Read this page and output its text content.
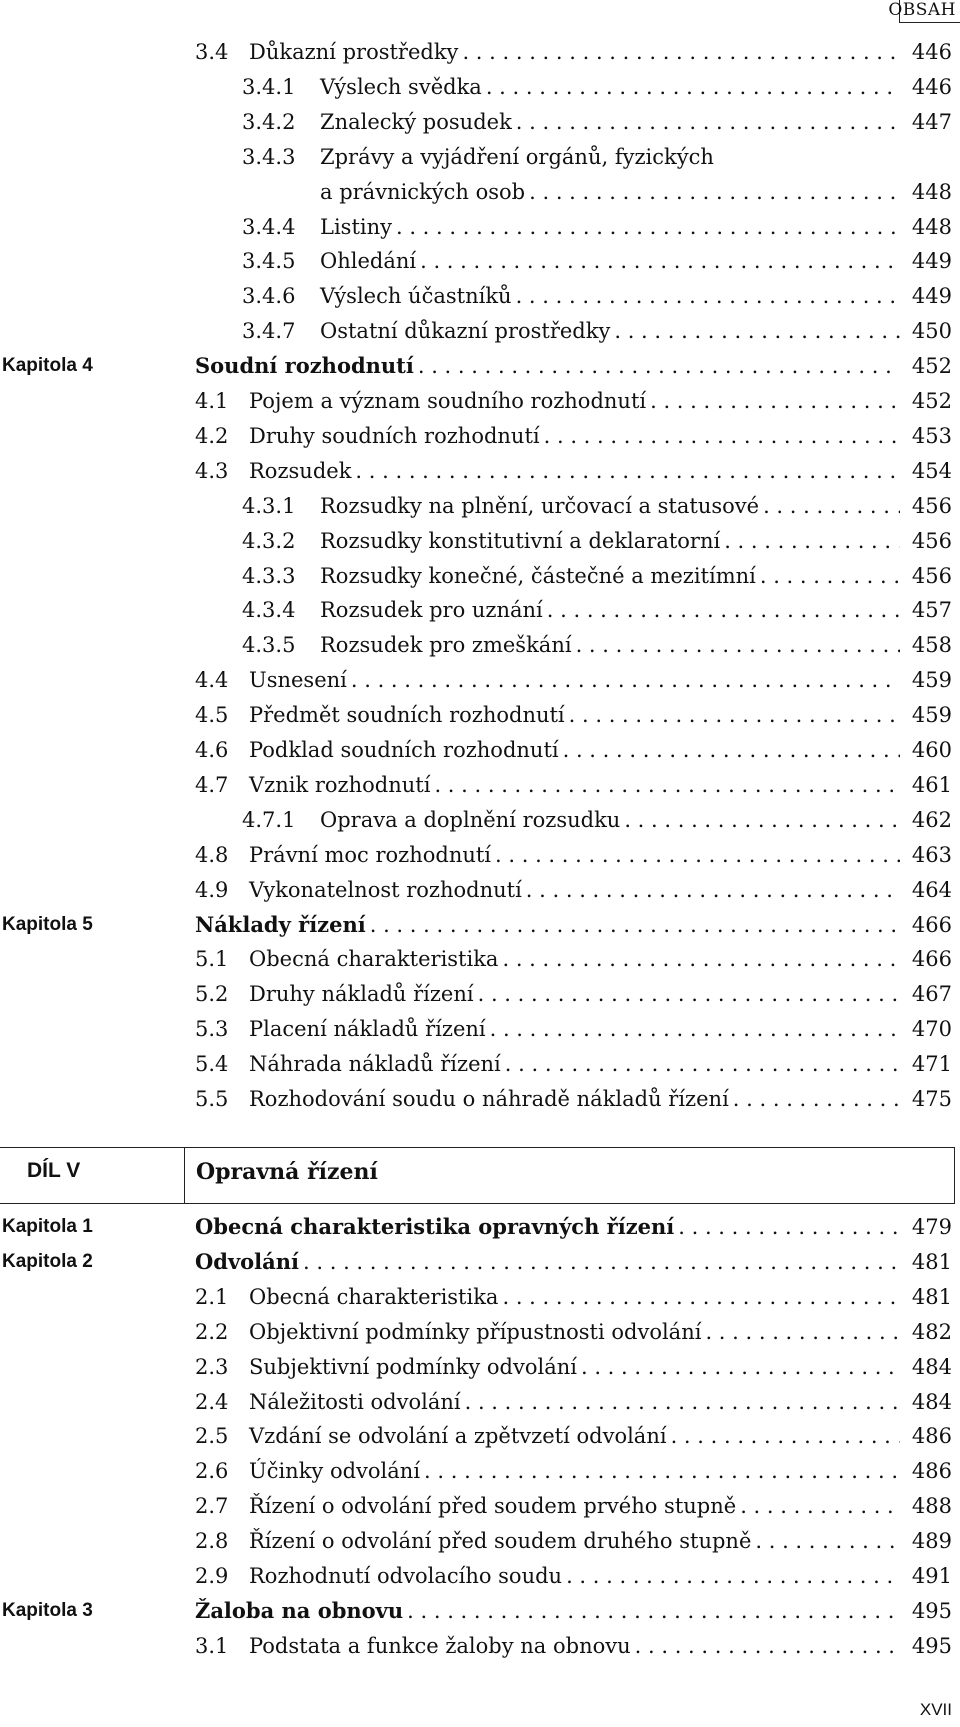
OBSAH
3.4 Důkazní prostředky . . .	446
3.4.1 Výslech svědka . . .	446
3.4.2 Znalecký posudek . . .	447
3.4.3 Zprávy a vyjádření orgánů, fyzických
a právnických osob . . .	448
3.4.4 Listiny . . .	448
3.4.5 Ohledání . . .	449
3.4.6 Výslech účastníků . . .	449
3.4.7 Ostatní důkazní prostředky . . .	450
Kapitola 4	Soudní rozhodnutí . . .	452
4.1 Pojem a význam soudního rozhodnutí . . .	452
4.2 Druhy soudních rozhodnutí . . .	453
4.3 Rozsudek . . .	454
4.3.1 Rozsudky na plnění, určovací a statusové . . .	456
4.3.2 Rozsudky konstitutivní a deklaratorní . . .	456
4.3.3 Rozsudky konečné, částečné a mezitímní . . .	456
4.3.4 Rozsudek pro uznání . . .	457
4.3.5 Rozsudek pro zmeškání . . .	458
4.4 Usnesení . . .	459
4.5 Předmět soudních rozhodnutí . . .	459
4.6 Podklad soudních rozhodnutí . . .	460
4.7 Vznik rozhodnutí . . .	461
4.7.1 Oprava a doplnění rozsudku . . .	462
4.8 Právní moc rozhodnutí . . .	463
4.9 Vykonatelnost rozhodnutí . . .	464
Kapitola 5	Náklady řízení . . .	466
5.1 Obecná charakteristika . . .	466
5.2 Druhy nákladů řízení . . .	467
5.3 Placení nákladů řízení . . .	470
5.4 Náhrada nákladů řízení . . .	471
5.5 Rozhodování soudu o náhradě nákladů řízení . . .	475
DÍL V	Opravná řízení
Kapitola 1	Obecná charakteristika opravných řízení . . .	479
Kapitola 2	Odvolání . . .	481
2.1 Obecná charakteristika . . .	481
2.2 Objektivní podmínky přípustnosti odvolání . . .	482
2.3 Subjektivní podmínky odvolání . . .	484
2.4 Náležitosti odvolání . . .	484
2.5 Vzdání se odvolání a zpětvzetí odvolání . . .	486
2.6 Účinky odvolání . . .	486
2.7 Řízení o odvolání před soudem prvého stupně . . .	488
2.8 Řízení o odvolání před soudem druhého stupně . . .	489
2.9 Rozhodnutí odvolacího soudu . . .	491
Kapitola 3	Žaloba na obnovu . . .	495
3.1 Podstata a funkce žaloby na obnovu . . .	495
XVII
